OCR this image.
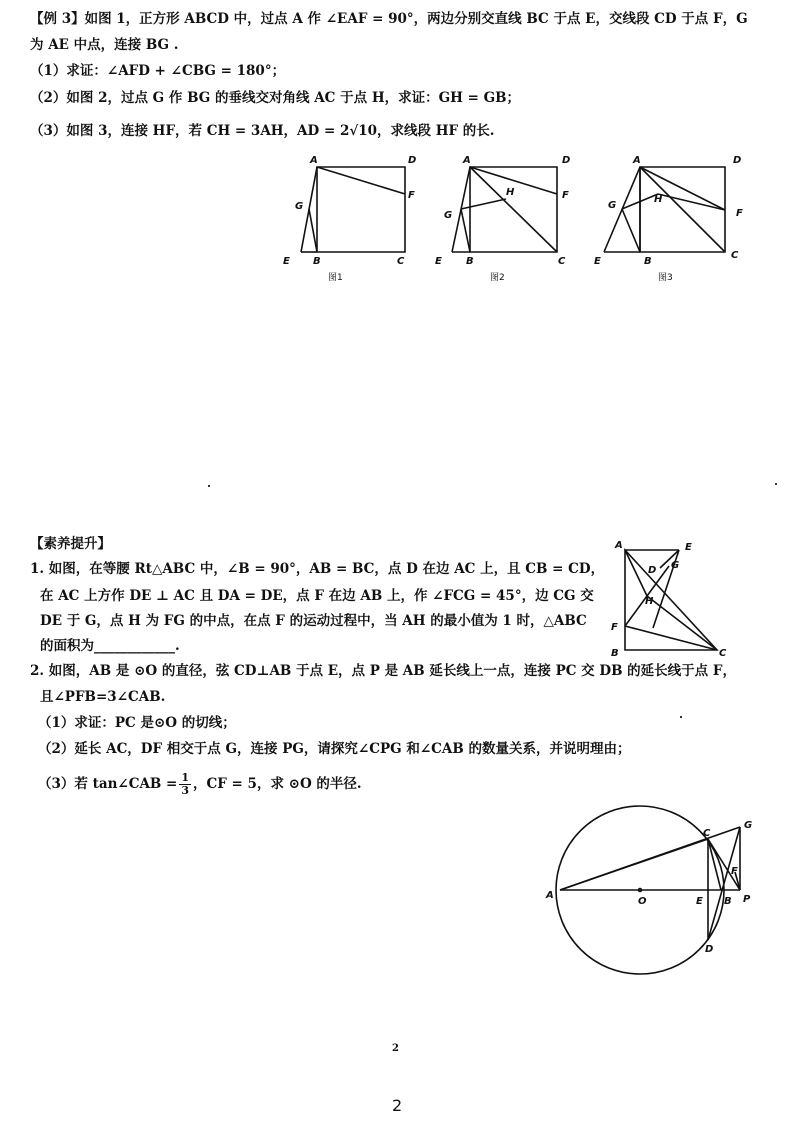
【例 3】如图 1，正方形 ABCD 中，过点 A 作 ∠EAF = 90°，两边分别交直线 BC 于点 E，交线段 CD 于点 F，G
为 AE 中点，连接 BG .
（1）求证：∠AFD + ∠CBG = 180°；
（2）如图 2，过点 G 作 BG 的垂线交对角线 AC 于点 H，求证：GH = GB；
（3）如图 3，连接 HF，若 CH = 3AH，AD = 2√10，求线段 HF 的长.
A	D
F
G
E B	C
图1
A	D
F
H
G
E B	C
图2
A	D
F
H
G
E	B
C
图3
【素养提升】
1. 如图，在等腰 Rt△ABC 中，∠B = 90°，AB = BC，点 D 在边 AC 上，且 CB = CD，
在 AC 上方作 DE ⊥ AC 且 DA = DE，点 F 在边 AB 上，作 ∠FCG = 45°，边 CG 交
DE 于 G，点 H 为 FG 的中点，在点 F 的运动过程中，当 AH 的最小值为 1 时，△ABC
的面积为____________.
A	E
D G
H
F
B	C
2. 如图，AB 是 ⊙O 的直径，弦 CD⊥AB 于点 E，点 P 是 AB 延长线上一点，连接 PC 交 DB 的延长线于点 F，
且∠PFB=3∠CAB.
（1）求证：PC 是⊙O 的切线；
（2）延长 AC，DF 相交于点 G，连接 PG，请探究∠CPG 和∠CAB 的数量关系，并说明理由；
（3）若 tan∠CAB = $\frac{1}{3}$ ，CF = 5，求 ⊙O 的半径.
A
O	E B P
C
D
F
G
2
2
